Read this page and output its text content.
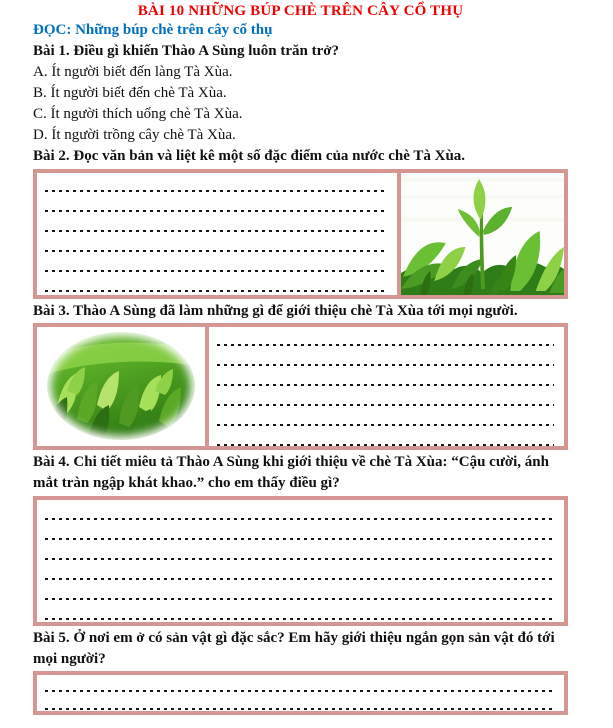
BÀI 10 NHỮNG BÚP CHÈ TRÊN CÂY CỔ THỤ
ĐỌC: Những búp chè trên cây cổ thụ
Bài 1. Điều gì khiến Thào A Sùng luôn trăn trở?
A. Ít người biết đến làng Tà Xùa.
B. Ít người biết đến chè Tà Xùa.
C. Ít người thích uống chè Tà Xùa.
D. Ít người trồng cây chè Tà Xùa.
Bài 2. Đọc văn bản và liệt kê một số đặc điểm của nước chè Tà Xùa.
Bài 3. Thào A Sùng đã làm những gì để giới thiệu chè Tà Xùa tới mọi người.
Bài 4. Chi tiết miêu tả Thào A Sùng khi giới thiệu về chè Tà Xùa: “Cậu cười, ánh mắt tràn ngập khát khao.” cho em thấy điều gì?
Bài 5. Ở nơi em ở có sản vật gì đặc sắc? Em hãy giới thiệu ngắn gọn sản vật đó tới mọi người?
